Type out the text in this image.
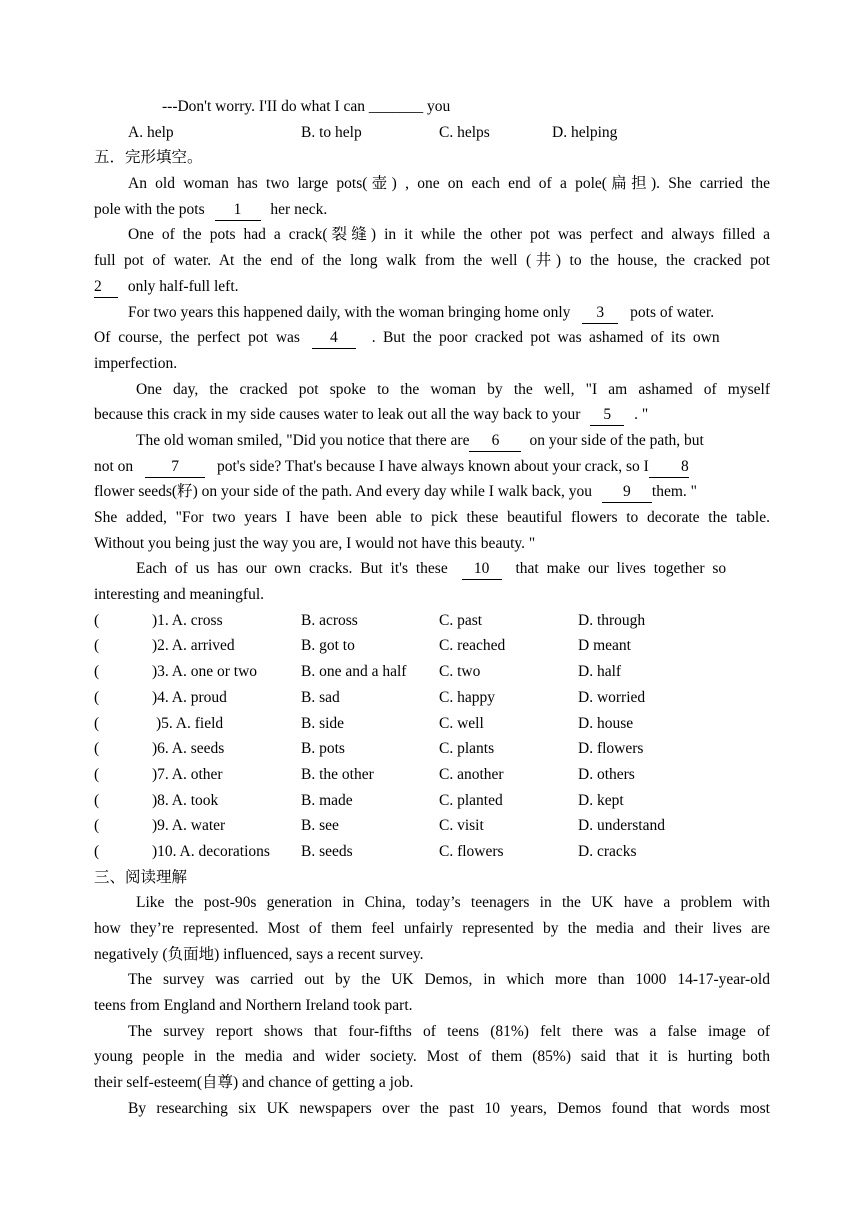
---Don't worry. I'II do what I can _______ you
A. help	B. to help	C. helps	D. helping
五．完形填空。
An old woman has two large pots(壶) , one on each end of a pole(扁担). She carried the
pole with the pots 1 her neck.
One of the pots had a crack(裂缝) in it while the other pot was perfect and always filled a
full pot of water. At the end of the long walk from the well (井) to the house, the cracked pot
2 only half-full left.
For two years this happened daily, with the woman bringing home only 3 pots of water.
Of course, the perfect pot was 4 . But the poor cracked pot was ashamed of its own
imperfection.
One day, the cracked pot spoke to the woman by the well, "I am ashamed of myself
because this crack in my side causes water to leak out all the way back to your 5 . "
The old woman smiled, "Did you notice that there are 6 on your side of the path, but
not on 7 pot's side? That's because I have always known about your crack, so I 8
flower seeds(籽) on your side of the path. And every day while I walk back, you 9 them. "
She added, "For two years I have been able to pick these beautiful flowers to decorate the table.
Without you being just the way you are, I would not have this beauty. "
Each of us has our own cracks. But it's these 10 that make our lives together so
interesting and meaningful.
(	)1. A. cross	B. across	C. past	D. through
(	)2. A. arrived	B. got to	C. reached	D meant
(	)3. A. one or two	B. one and a half	C. two	D. half
(	)4. A. proud	B. sad	C. happy	D. worried
(	)5. A. field	B. side	C. well	D. house
(	)6. A. seeds	B. pots	C. plants	D. flowers
(	)7. A. other	B. the other	C. another	D. others
(	)8. A. took	B. made	C. planted	D. kept
(	)9. A. water	B. see	C. visit	D. understand
(	)10. A. decorations	B. seeds	C. flowers	D. cracks
三、阅读理解
Like the post-90s generation in China, today’s teenagers in the UK have a problem with
how they’re represented. Most of them feel unfairly represented by the media and their lives are
negatively (负面地) influenced, says a recent survey.
The survey was carried out by the UK Demos, in which more than 1000 14-17-year-old
teens from England and Northern Ireland took part.
The survey report shows that four-fifths of teens (81%) felt there was a false image of
young people in the media and wider society. Most of them (85%) said that it is hurting both
their self-esteem(自尊) and chance of getting a job.
By researching six UK newspapers over the past 10 years, Demos found that words most
